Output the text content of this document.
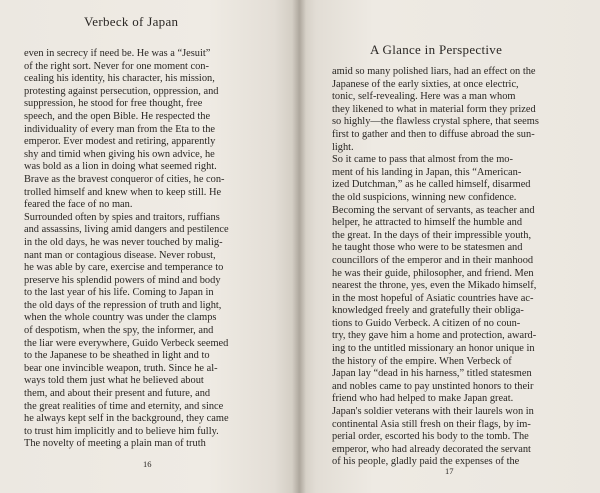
Verbeck of Japan
even in secrecy if need be. He was a “Jesuit”
of the right sort. Never for one moment con-
cealing his identity, his character, his mission,
protesting against persecution, oppression, and
suppression, he stood for free thought, free
speech, and the open Bible. He respected the
individuality of every man from the Eta to the
emperor. Ever modest and retiring, apparently
shy and timid when giving his own advice, he
was bold as a lion in doing what seemed right.
Brave as the bravest conqueror of cities, he con-
trolled himself and knew when to keep still. He
feared the face of no man.
Surrounded often by spies and traitors, ruffians
and assassins, living amid dangers and pestilence
in the old days, he was never touched by malig-
nant man or contagious disease. Never robust,
he was able by care, exercise and temperance to
preserve his splendid powers of mind and body
to the last year of his life. Coming to Japan in
the old days of the repression of truth and light,
when the whole country was under the clamps
of despotism, when the spy, the informer, and
the liar were everywhere, Guido Verbeck seemed
to the Japanese to be sheathed in light and to
bear one invincible weapon, truth. Since he al-
ways told them just what he believed about
them, and about their present and future, and
the great realities of time and eternity, and since
he always kept self in the background, they came
to trust him implicitly and to believe him fully.
The novelty of meeting a plain man of truth
16
A Glance in Perspective
amid so many polished liars, had an effect on the
Japanese of the early sixties, at once electric,
tonic, self-revealing. Here was a man whom
they likened to what in material form they prized
so highly—the flawless crystal sphere, that seems
first to gather and then to diffuse abroad the sun-
light.
So it came to pass that almost from the mo-
ment of his landing in Japan, this “American-
ized Dutchman,” as he called himself, disarmed
the old suspicions, winning new confidence.
Becoming the servant of servants, as teacher and
helper, he attracted to himself the humble and
the great. In the days of their impressible youth,
he taught those who were to be statesmen and
councillors of the emperor and in their manhood
he was their guide, philosopher, and friend. Men
nearest the throne, yes, even the Mikado himself,
in the most hopeful of Asiatic countries have ac-
knowledged freely and gratefully their obliga-
tions to Guido Verbeck. A citizen of no coun-
try, they gave him a home and protection, award-
ing to the untitled missionary an honor unique in
the history of the empire. When Verbeck of
Japan lay “dead in his harness,” titled statesmen
and nobles came to pay unstinted honors to their
friend who had helped to make Japan great.
Japan's soldier veterans with their laurels won in
continental Asia still fresh on their flags, by im-
perial order, escorted his body to the tomb. The
emperor, who had already decorated the servant
of his people, gladly paid the expenses of the
17
